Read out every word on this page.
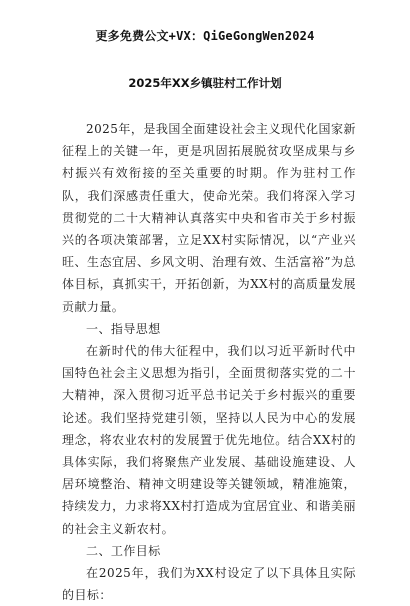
更多免费公文+VX：QiGeGongWen2024
2025年XX乡镇驻村工作计划

2025年，是我国全面建设社会主义现代化国家新征程上的关键一年，更是巩固拓展脱贫攻坚成果与乡村振兴有效衔接的至关重要的时期。作为驻村工作队，我们深感责任重大，使命光荣。我们将深入学习贯彻党的二十大精神认真落实中央和省市关于乡村振兴的各项决策部署，立足XX村实际情况，以“产业兴旺、生态宜居、乡风文明、治理有效、生活富裕”为总体目标，真抓实干，开拓创新，为XX村的高质量发展贡献力量。

一、指导思想

在新时代的伟大征程中，我们以习近平新时代中国特色社会主义思想为指引，全面贯彻落实党的二十大精神，深入贯彻习近平总书记关于乡村振兴的重要论述。我们坚持党建引领，坚持以人民为中心的发展理念，将农业农村的发展置于优先地位。结合XX村的具体实际，我们将聚焦产业发展、基础设施建设、人居环境整治、精神文明建设等关键领域，精准施策，持续发力，力求将XX村打造成为宜居宜业、和谐美丽的社会主义新农村。

二、工作目标

在2025年，我们为XX村设定了以下具体且实际的目标：
